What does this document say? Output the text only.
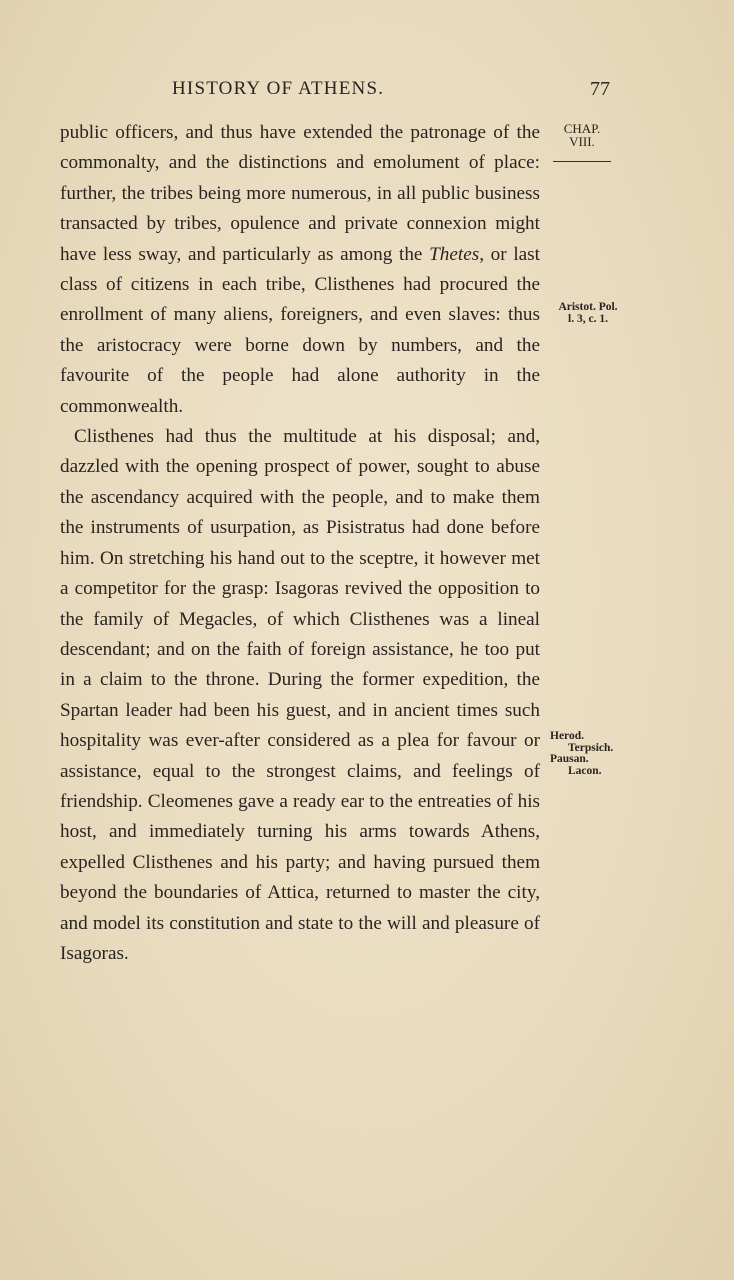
HISTORY OF ATHENS.	77

public officers, and thus have extended the patronage of the commonalty, and the distinctions and emolument of place: further, the tribes being more numerous, in all public business transacted by tribes, opulence and private connexion might have less sway, and particularly as among the Thetes, or last class of citizens in each tribe, Clisthenes had procured the enrollment of many aliens, foreigners, and even slaves: thus the aristocracy were borne down by numbers, and the favourite of the people had alone authority in the commonwealth.

Clisthenes had thus the multitude at his disposal; and, dazzled with the opening prospect of power, sought to abuse the ascendancy acquired with the people, and to make them the instruments of usurpation, as Pisistratus had done before him. On stretching his hand out to the sceptre, it however met a competitor for the grasp: Isagoras revived the opposition to the family of Megacles, of which Clisthenes was a lineal descendant; and on the faith of foreign assistance, he too put in a claim to the throne. During the former expedition, the Spartan leader had been his guest, and in ancient times such hospitality was ever-after considered as a plea for favour or assistance, equal to the strongest claims, and feelings of friendship. Cleomenes gave a ready ear to the entreaties of his host, and immediately turning his arms towards Athens, expelled Clisthenes and his party; and having pursued them beyond the boundaries of Attica, returned to master the city, and model its constitution and state to the will and pleasure of Isagoras.

CHAP.
VIII.
Aristot. Pol.
l. 3, c. 1.
Herod.
Terpsich.
Pausan.
Lacon.
